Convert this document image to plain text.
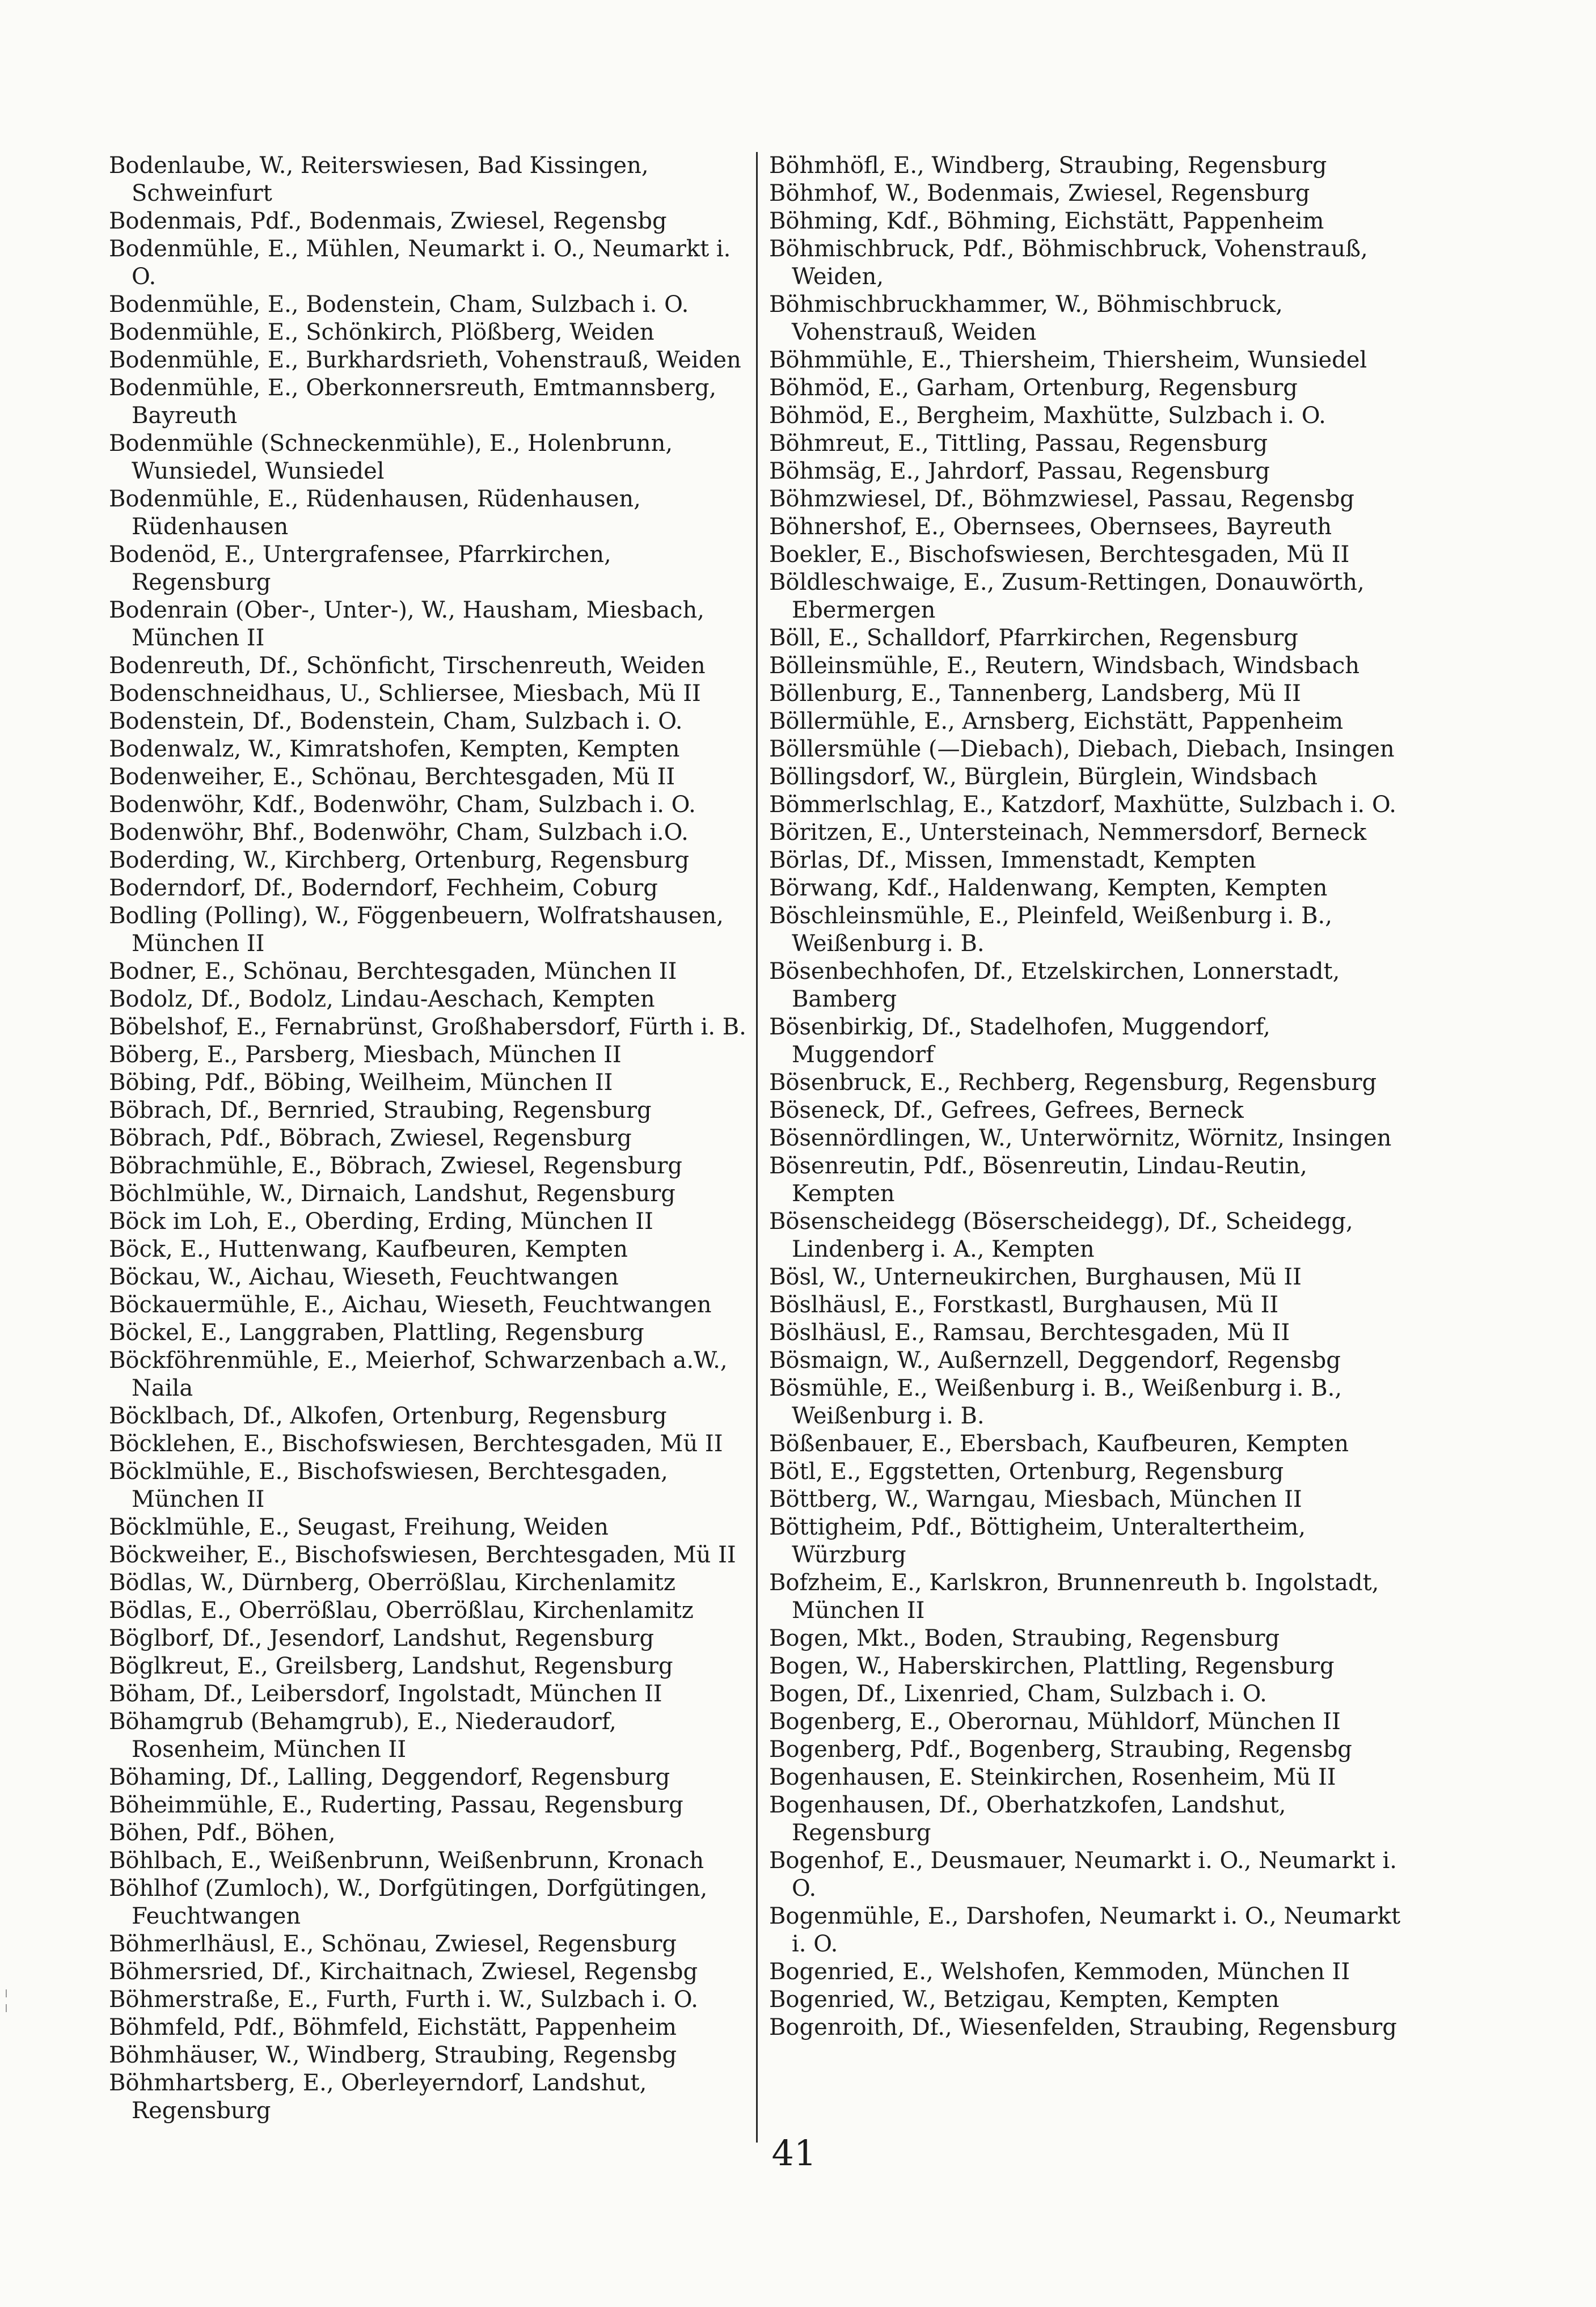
Bodenlaube, W., Reiterswiesen, Bad Kissingen, Schweinfurt
Bodenmais, Pdf., Bodenmais, Zwiesel, Regensbg
Bodenmühle, E., Mühlen, Neumarkt i. O., Neumarkt i. O.
Bodenmühle, E., Bodenstein, Cham, Sulzbach i. O.
Bodenmühle, E., Schönkirch, Plößberg, Weiden
Bodenmühle, E., Burkhardsrieth, Vohenstrauß, Weiden
Bodenmühle, E., Oberkonnersreuth, Emtmannsberg, Bayreuth
Bodenmühle (Schneckenmühle), E., Holenbrunn, Wunsiedel, Wunsiedel
Bodenmühle, E., Rüdenhausen, Rüdenhausen, Rüdenhausen
Bodenöd, E., Untergrafensee, Pfarrkirchen, Regensburg
Bodenrain (Ober-, Unter-), W., Hausham, Miesbach, München II
Bodenreuth, Df., Schönficht, Tirschenreuth, Weiden
Bodenschneidhaus, U., Schliersee, Miesbach, Mü II
Bodenstein, Df., Bodenstein, Cham, Sulzbach i. O.
Bodenwalz, W., Kimratshofen, Kempten, Kempten
Bodenweiher, E., Schönau, Berchtesgaden, Mü II
Bodenwöhr, Kdf., Bodenwöhr, Cham, Sulzbach i. O.
Bodenwöhr, Bhf., Bodenwöhr, Cham, Sulzbach i.O.
Boderding, W., Kirchberg, Ortenburg, Regensburg
Boderndorf, Df., Boderndorf, Fechheim, Coburg
Bodling (Polling), W., Föggenbeuern, Wolfratshausen, München II
Bodner, E., Schönau, Berchtesgaden, München II
Bodolz, Df., Bodolz, Lindau-Aeschach, Kempten
Böbelshof, E., Fernabrünst, Großhabersdorf, Fürth i. B.
Böberg, E., Parsberg, Miesbach, München II
Böbing, Pdf., Böbing, Weilheim, München II
Böbrach, Df., Bernried, Straubing, Regensburg
Böbrach, Pdf., Böbrach, Zwiesel, Regensburg
Böbrachmühle, E., Böbrach, Zwiesel, Regensburg
Böchlmühle, W., Dirnaich, Landshut, Regensburg
Böck im Loh, E., Oberding, Erding, München II
Böck, E., Huttenwang, Kaufbeuren, Kempten
Böckau, W., Aichau, Wieseth, Feuchtwangen
Böckauermühle, E., Aichau, Wieseth, Feuchtwangen
Böckel, E., Langgraben, Plattling, Regensburg
Böckföhrenmühle, E., Meierhof, Schwarzenbach a.W., Naila
Böcklbach, Df., Alkofen, Ortenburg, Regensburg
Böcklehen, E., Bischofswiesen, Berchtesgaden, Mü II
Böcklmühle, E., Bischofswiesen, Berchtesgaden, München II
Böcklmühle, E., Seugast, Freihung, Weiden
Böckweiher, E., Bischofswiesen, Berchtesgaden, Mü II
Bödlas, W., Dürnberg, Oberrößlau, Kirchenlamitz
Bödlas, E., Oberrößlau, Oberrößlau, Kirchenlamitz
Böglborf, Df., Jesendorf, Landshut, Regensburg
Böglkreut, E., Greilsberg, Landshut, Regensburg
Böham, Df., Leibersdorf, Ingolstadt, München II
Böhamgrub (Behamgrub), E., Niederaudorf, Rosenheim, München II
Böhaming, Df., Lalling, Deggendorf, Regensburg
Böheimmühle, E., Ruderting, Passau, Regensburg
Böhen, Pdf., Böhen,
Böhlbach, E., Weißenbrunn, Weißenbrunn, Kronach
Böhlhof (Zumloch), W., Dorfgütingen, Dorfgütingen, Feuchtwangen
Böhmerlhäusl, E., Schönau, Zwiesel, Regensburg
Böhmersried, Df., Kirchaitnach, Zwiesel, Regensbg
Böhmerstraße, E., Furth, Furth i. W., Sulzbach i. O.
Böhmfeld, Pdf., Böhmfeld, Eichstätt, Pappenheim
Böhmhäuser, W., Windberg, Straubing, Regensbg
Böhmhartsberg, E., Oberleyerndorf, Landshut, Regensburg
Böhmhöfl, E., Windberg, Straubing, Regensburg
Böhmhof, W., Bodenmais, Zwiesel, Regensburg
Böhming, Kdf., Böhming, Eichstätt, Pappenheim
Böhmischbruck, Pdf., Böhmischbruck, Vohenstrauß, Weiden,
Böhmischbruckhammer, W., Böhmischbruck, Vohenstrauß, Weiden
Böhmmühle, E., Thiersheim, Thiersheim, Wunsiedel
Böhmöd, E., Garham, Ortenburg, Regensburg
Böhmöd, E., Bergheim, Maxhütte, Sulzbach i. O.
Böhmreut, E., Tittling, Passau, Regensburg
Böhmsäg, E., Jahrdorf, Passau, Regensburg
Böhmzwiesel, Df., Böhmzwiesel, Passau, Regensbg
Böhnershof, E., Obernsees, Obernsees, Bayreuth
Boekler, E., Bischofswiesen, Berchtesgaden, Mü II
Böldleschwaige, E., Zusum-Rettingen, Donauwörth, Ebermergen
Böll, E., Schalldorf, Pfarrkirchen, Regensburg
Bölleinsmühle, E., Reutern, Windsbach, Windsbach
Böllenburg, E., Tannenberg, Landsberg, Mü II
Böllermühle, E., Arnsberg, Eichstätt, Pappenheim
Böllersmühle (—Diebach), Diebach, Diebach, Insingen
Böllingsdorf, W., Bürglein, Bürglein, Windsbach
Bömmerlschlag, E., Katzdorf, Maxhütte, Sulzbach i. O.
Böritzen, E., Untersteinach, Nemmersdorf, Berneck
Börlas, Df., Missen, Immenstadt, Kempten
Börwang, Kdf., Haldenwang, Kempten, Kempten
Böschleinsmühle, E., Pleinfeld, Weißenburg i. B., Weißenburg i. B.
Bösenbechhofen, Df., Etzelskirchen, Lonnerstadt, Bamberg
Bösenbirkig, Df., Stadelhofen, Muggendorf, Muggendorf
Bösenbruck, E., Rechberg, Regensburg, Regensburg
Böseneck, Df., Gefrees, Gefrees, Berneck
Bösennördlingen, W., Unterwörnitz, Wörnitz, Insingen
Bösenreutin, Pdf., Bösenreutin, Lindau-Reutin, Kempten
Bösenscheidegg (Böserscheidegg), Df., Scheidegg, Lindenberg i. A., Kempten
Bösl, W., Unterneukirchen, Burghausen, Mü II
Böslhäusl, E., Forstkastl, Burghausen, Mü II
Böslhäusl, E., Ramsau, Berchtesgaden, Mü II
Bösmaign, W., Außernzell, Deggendorf, Regensbg
Bösmühle, E., Weißenburg i. B., Weißenburg i. B., Weißenburg i. B.
Bößenbauer, E., Ebersbach, Kaufbeuren, Kempten
Bötl, E., Eggstetten, Ortenburg, Regensburg
Böttberg, W., Warngau, Miesbach, München II
Böttigheim, Pdf., Böttigheim, Unteraltertheim, Würzburg
Bofzheim, E., Karlskron, Brunnenreuth b. Ingolstadt, München II
Bogen, Mkt., Boden, Straubing, Regensburg
Bogen, W., Haberskirchen, Plattling, Regensburg
Bogen, Df., Lixenried, Cham, Sulzbach i. O.
Bogenberg, E., Oberornau, Mühldorf, München II
Bogenberg, Pdf., Bogenberg, Straubing, Regensbg
Bogenhausen, E. Steinkirchen, Rosenheim, Mü II
Bogenhausen, Df., Oberhatzkofen, Landshut, Regensburg
Bogenhof, E., Deusmauer, Neumarkt i. O., Neumarkt i. O.
Bogenmühle, E., Darshofen, Neumarkt i. O., Neumarkt i. O.
Bogenried, E., Welshofen, Kemmoden, München II
Bogenried, W., Betzigau, Kempten, Kempten
Bogenroith, Df., Wiesenfelden, Straubing, Regensburg
41
